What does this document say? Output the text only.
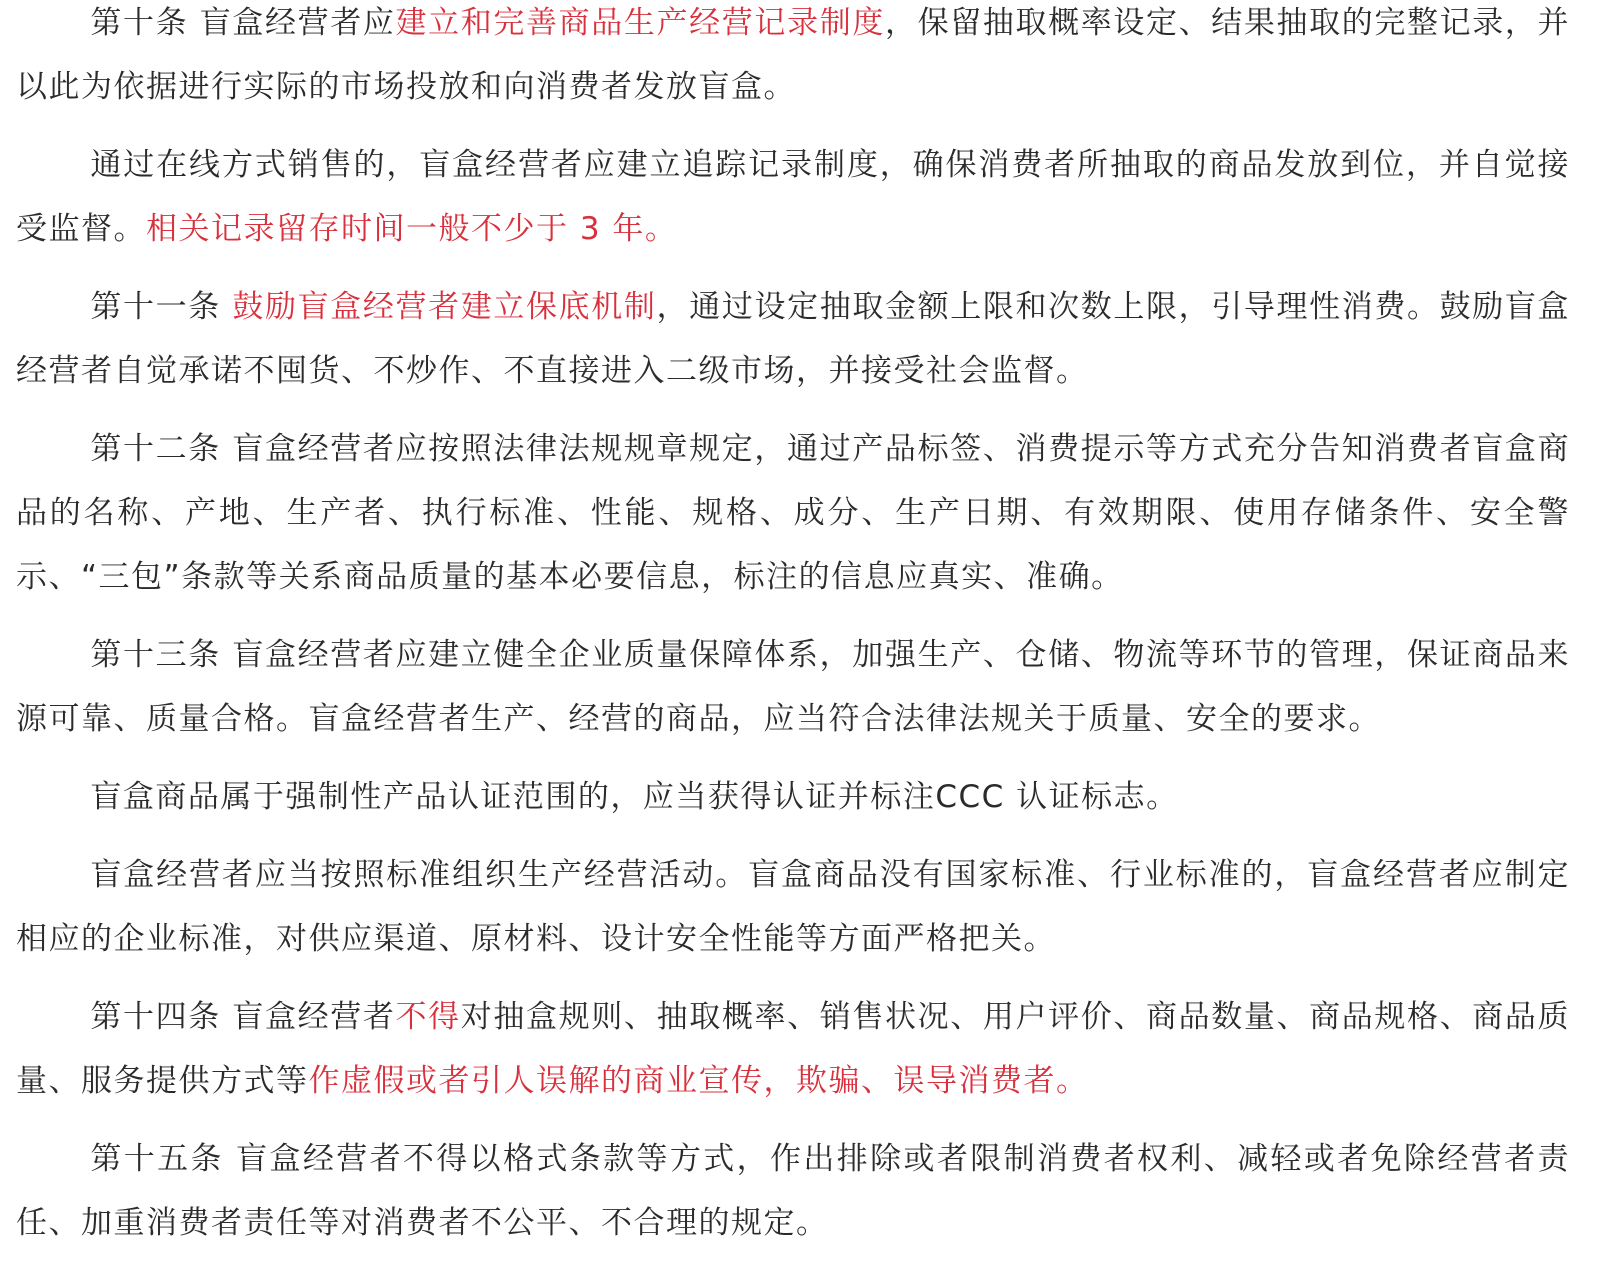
第十条 盲盒经营者应建立和完善商品生产经营记录制度，保留抽取概率设定、结果抽取的完整记录，并以此为依据进行实际的市场投放和向消费者发放盲盒。

通过在线方式销售的，盲盒经营者应建立追踪记录制度，确保消费者所抽取的商品发放到位，并自觉接受监督。相关记录留存时间一般不少于 3 年。

第十一条 鼓励盲盒经营者建立保底机制，通过设定抽取金额上限和次数上限，引导理性消费。鼓励盲盒经营者自觉承诺不囤货、不炒作、不直接进入二级市场，并接受社会监督。

第十二条 盲盒经营者应按照法律法规规章规定，通过产品标签、消费提示等方式充分告知消费者盲盒商品的名称、产地、生产者、执行标准、性能、规格、成分、生产日期、有效期限、使用存储条件、安全警示、“三包”条款等关系商品质量的基本必要信息，标注的信息应真实、准确。

第十三条 盲盒经营者应建立健全企业质量保障体系，加强生产、仓储、物流等环节的管理，保证商品来源可靠、质量合格。盲盒经营者生产、经营的商品，应当符合法律法规关于质量、安全的要求。

盲盒商品属于强制性产品认证范围的，应当获得认证并标注CCC 认证标志。

盲盒经营者应当按照标准组织生产经营活动。盲盒商品没有国家标准、行业标准的，盲盒经营者应制定相应的企业标准，对供应渠道、原材料、设计安全性能等方面严格把关。

第十四条 盲盒经营者不得对抽盒规则、抽取概率、销售状况、用户评价、商品数量、商品规格、商品质量、服务提供方式等作虚假或者引人误解的商业宣传，欺骗、误导消费者。

第十五条 盲盒经营者不得以格式条款等方式，作出排除或者限制消费者权利、减轻或者免除经营者责任、加重消费者责任等对消费者不公平、不合理的规定。
